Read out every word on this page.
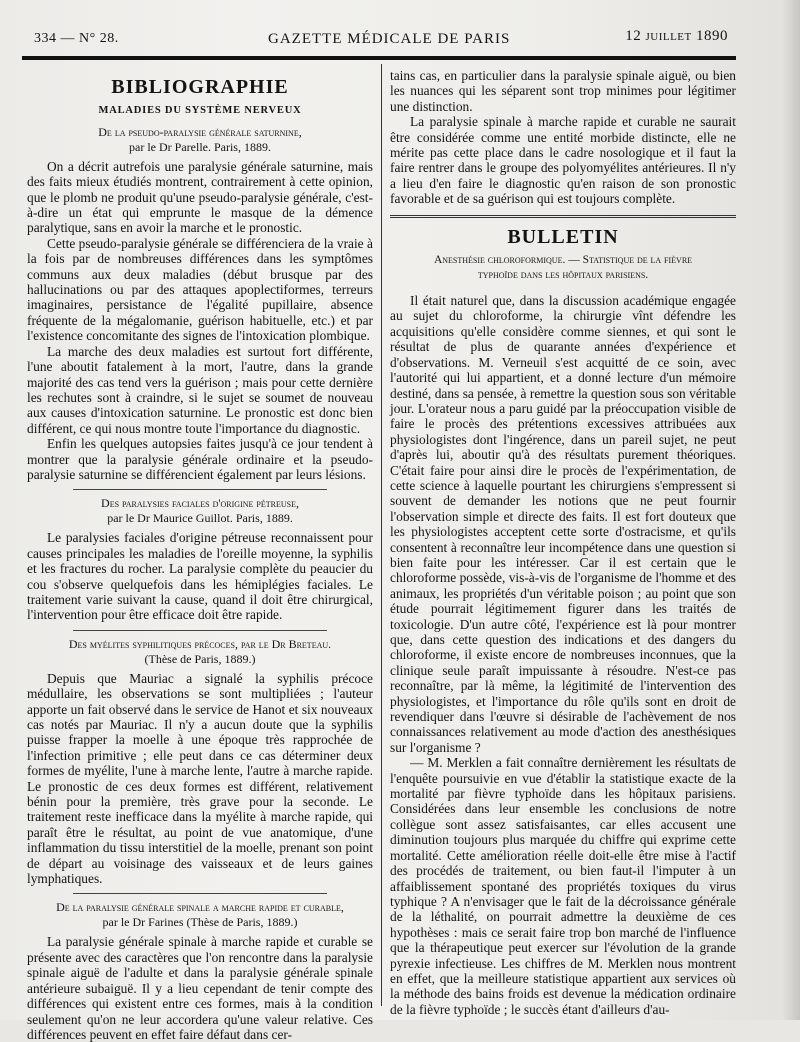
334 — N° 28.	GAZETTE MÉDICALE DE PARIS	12 juillet 1890
BIBLIOGRAPHIE
MALADIES DU SYSTÈME NERVEUX
De la pseudo-paralysie générale saturnine,
par le Dr Parelle. Paris, 1889.

On a décrit autrefois une paralysie générale saturnine, mais des faits mieux étudiés montrent, contrairement à cette opinion, que le plomb ne produit qu'une pseudo-paralysie générale, c'est-à-dire un état qui emprunte le masque de la démence paralytique, sans en avoir la marche et le pronostic.

Cette pseudo-paralysie générale se différenciera de la vraie à la fois par de nombreuses différences dans les symptômes communs aux deux maladies (début brusque par des hallucinations ou par des attaques apoplectiformes, terreurs imaginaires, persistance de l'égalité pupillaire, absence fréquente de la mégalomanie, guérison habituelle, etc.) et par l'existence concomitante des signes de l'intoxication plombique.

La marche des deux maladies est surtout fort différente, l'une aboutit fatalement à la mort, l'autre, dans la grande majorité des cas tend vers la guérison ; mais pour cette dernière les rechutes sont à craindre, si le sujet se soumet de nouveau aux causes d'intoxication saturnine. Le pronostic est donc bien différent, ce qui nous montre toute l'importance du diagnostic.

Enfin les quelques autopsies faites jusqu'à ce jour tendent à montrer que la paralysie générale ordinaire et la pseudo-paralysie saturnine se différencient également par leurs lésions.

Des paralysies faciales d'origine pétreuse,
par le Dr Maurice Guillot. Paris, 1889.

Le paralysies faciales d'origine pétreuse reconnaissent pour causes principales les maladies de l'oreille moyenne, la syphilis et les fractures du rocher. La paralysie complète du peaucier du cou s'observe quelquefois dans les hémiplégies faciales. Le traitement varie suivant la cause, quand il doit être chirurgical, l'intervention pour être efficace doit être rapide.

Des myélites syphilitiques précoces, par le Dr Breteau.
(Thèse de Paris, 1889.)

Depuis que Mauriac a signalé la syphilis précoce médullaire, les observations se sont multipliées ; l'auteur apporte un fait observé dans le service de Hanot et six nouveaux cas notés par Mauriac. Il n'y a aucun doute que la syphilis puisse frapper la moelle à une époque très rapprochée de l'infection primitive ; elle peut dans ce cas déterminer deux formes de myélite, l'une à marche lente, l'autre à marche rapide. Le pronostic de ces deux formes est différent, relativement bénin pour la première, très grave pour la seconde. Le traitement reste inefficace dans la myélite à marche rapide, qui paraît être le résultat, au point de vue anatomique, d'une inflammation du tissu interstitiel de la moelle, prenant son point de départ au voisinage des vaisseaux et de leurs gaines lymphatiques.

De la paralysie générale spinale a marche rapide et curable,
par le Dr Farines (Thèse de Paris, 1889.)

La paralysie générale spinale à marche rapide et curable se présente avec des caractères que l'on rencontre dans la paralysie spinale aiguë de l'adulte et dans la paralysie générale spinale antérieure subaiguë. Il y a lieu cependant de tenir compte des différences qui existent entre ces formes, mais à la condition seulement qu'on ne leur accordera qu'une valeur relative. Ces différences peuvent en effet faire défaut dans cer-

tains cas, en particulier dans la paralysie spinale aiguë, ou bien les nuances qui les séparent sont trop minimes pour légitimer une distinction.

La paralysie spinale à marche rapide et curable ne saurait être considérée comme une entité morbide distincte, elle ne mérite pas cette place dans le cadre nosologique et il faut la faire rentrer dans le groupe des polyomyélites antérieures. Il n'y a lieu d'en faire le diagnostic qu'en raison de son pronostic favorable et de sa guérison qui est toujours complète.

BULLETIN
Anesthésie chloroformique. — Statistique de la fièvre
typhoïde dans les hôpitaux parisiens.

Il était naturel que, dans la discussion académique engagée au sujet du chloroforme, la chirurgie vînt défendre les acquisitions qu'elle considère comme siennes, et qui sont le résultat de plus de quarante années d'expérience et d'observations. M. Verneuil s'est acquitté de ce soin, avec l'autorité qui lui appartient, et a donné lecture d'un mémoire destiné, dans sa pensée, à remettre la question sous son véritable jour. L'orateur nous a paru guidé par la préoccupation visible de faire le procès des prétentions excessives attribuées aux physiologistes dont l'ingérence, dans un pareil sujet, ne peut d'après lui, aboutir qu'à des résultats purement théoriques. C'était faire pour ainsi dire le procès de l'expérimentation, de cette science à laquelle pourtant les chirurgiens s'empressent si souvent de demander les notions que ne peut fournir l'observation simple et directe des faits. Il est fort douteux que les physiologistes acceptent cette sorte d'ostracisme, et qu'ils consentent à reconnaître leur incompétence dans une question si bien faite pour les intéresser. Car il est certain que le chloroforme possède, vis-à-vis de l'organisme de l'homme et des animaux, les propriétés d'un véritable poison ; au point que son étude pourrait légitimement figurer dans les traités de toxicologie. D'un autre côté, l'expérience est là pour montrer que, dans cette question des indications et des dangers du chloroforme, il existe encore de nombreuses inconnues, que la clinique seule paraît impuissante à résoudre. N'est-ce pas reconnaître, par là même, la légitimité de l'intervention des physiologistes, et l'importance du rôle qu'ils sont en droit de revendiquer dans l'œuvre si désirable de l'achèvement de nos connaissances relativement au mode d'action des anesthésiques sur l'organisme ?

— M. Merklen a fait connaître dernièrement les résultats de l'enquête poursuivie en vue d'établir la statistique exacte de la mortalité par fièvre typhoïde dans les hôpitaux parisiens. Considérées dans leur ensemble les conclusions de notre collègue sont assez satisfaisantes, car elles accusent une diminution toujours plus marquée du chiffre qui exprime cette mortalité. Cette amélioration réelle doit-elle être mise à l'actif des procédés de traitement, ou bien faut-il l'imputer à un affaiblissement spontané des propriétés toxiques du virus typhique ? A n'envisager que le fait de la décroissance générale de la léthalité, on pourrait admettre la deuxième de ces hypothèses : mais ce serait faire trop bon marché de l'influence que la thérapeutique peut exercer sur l'évolution de la grande pyrexie infectieuse. Les chiffres de M. Merklen nous montrent en effet, que la meilleure statistique appartient aux services où la méthode des bains froids est devenue la médication ordinaire de la fièvre typhoïde ; le succès étant d'ailleurs d'au-
